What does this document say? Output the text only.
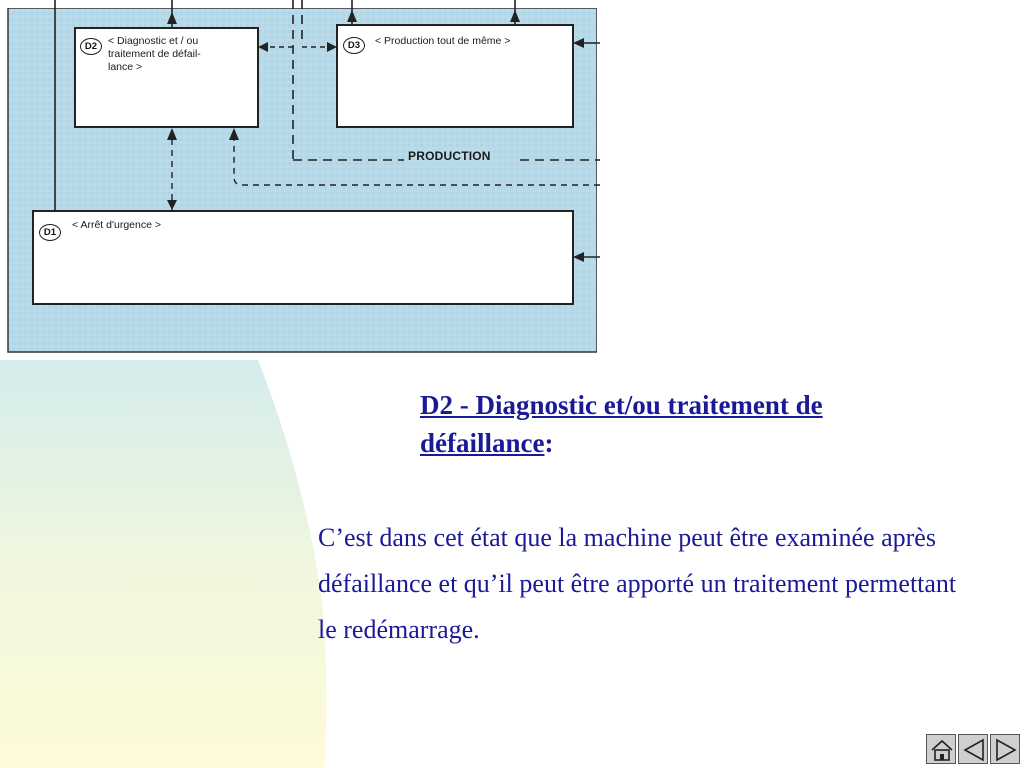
D2	< Diagnostic et / ou
traitement de défail-
lance >
D3	< Production tout de même >
D1
< Arrêt d'urgence >
PRODUCTION
D2 - Diagnostic et/ou traitement de défaillance:
C’est dans cet état que la machine peut être examinée après défaillance et qu’il peut être apporté un traitement permettant le redémarrage.
